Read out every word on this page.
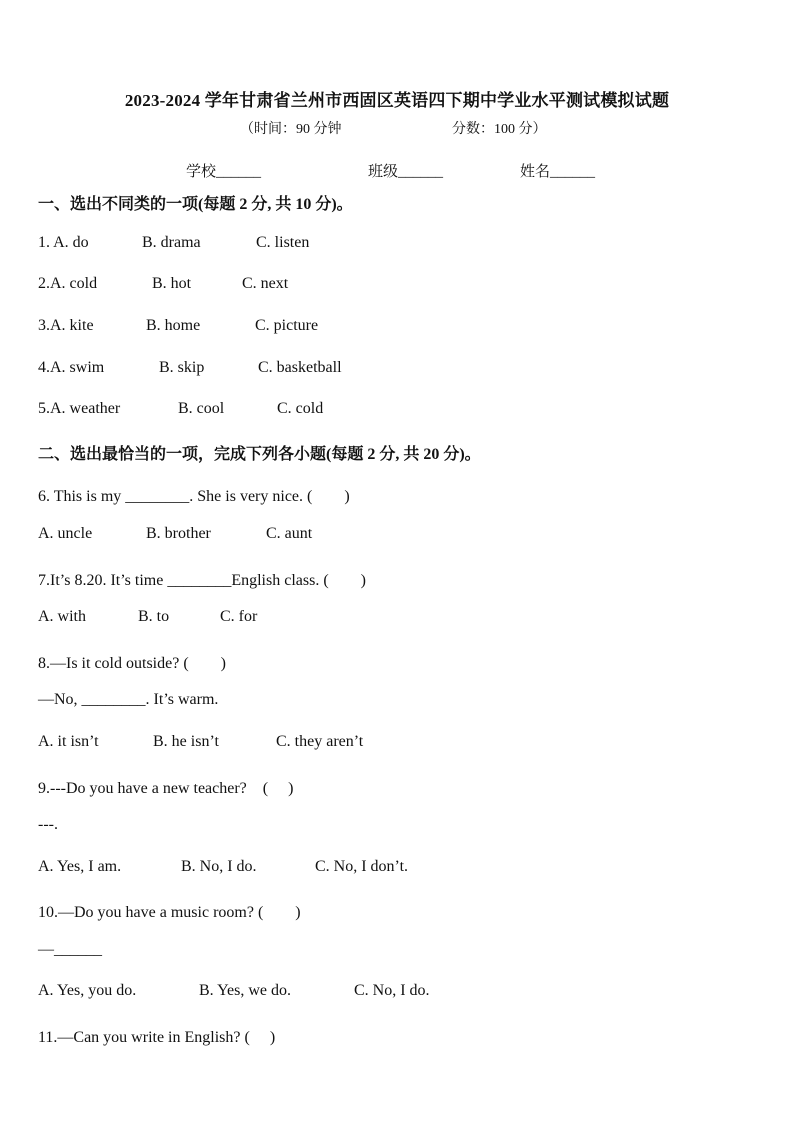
2023-2024 学年甘肃省兰州市西固区英语四下期中学业水平测试模拟试题
（时间：90 分钟	分数：100 分）
学校______	班级______	姓名______
一、选出不同类的一项(每题 2 分, 共 10 分)。
1. A. do	B. drama	C. listen
2.A. cold	B. hot	C. next
3.A. kite	B. home	C. picture
4.A. swim	B. skip	C. basketball
5.A. weather	B. cool	C. cold
二、选出最恰当的一项，完成下列各小题(每题 2 分, 共 20 分)。
6. This is my ________. She is very nice. (　　)
A. uncle	B. brother	C. aunt
7.It’s 8.20. It’s time ________English class. (　　)
A. with	B. to	C. for
8.—Is it cold outside? (　　)
—No, ________. It’s warm.
A. it isn’t	B. he isn’t	C. they aren’t
9.---Do you have a new teacher?　(　 )
---.
A. Yes, I am.	B. No, I do.	C. No, I don’t.
10.—Do you have a music room? (　　)
—______
A. Yes, you do.	B. Yes, we do.	C. No, I do.
11.—Can you write in English? (　 )
